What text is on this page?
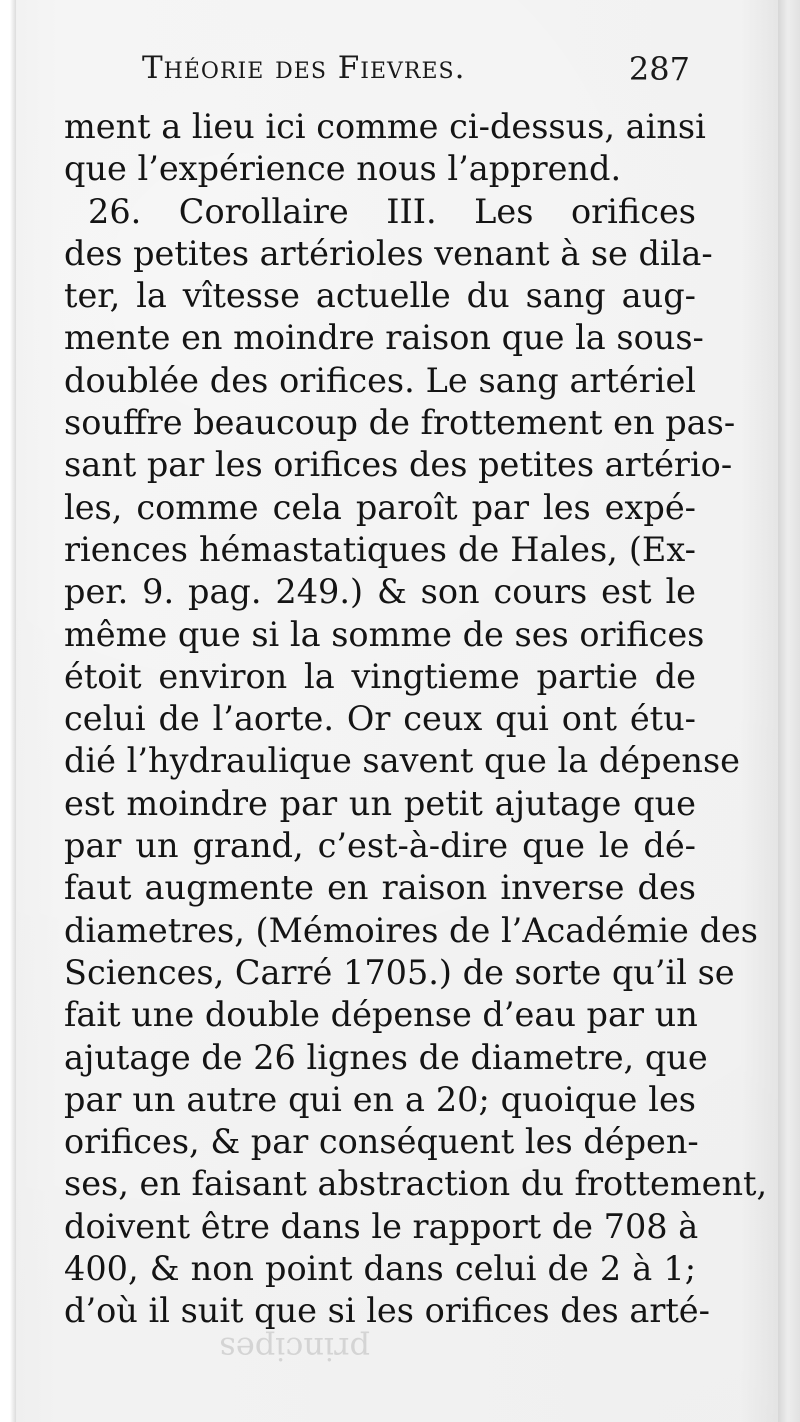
Théorie des Fievres.	287
ment a lieu ici comme ci-dessus, ainsi
que l’expérience nous l’apprend.
26. Corollaire III. Les orifices
des petites artérioles venant à se dila-
ter, la vîtesse actuelle du sang aug-
mente en moindre raison que la sous-
doublée des orifices. Le sang artériel
souffre beaucoup de frottement en pas-
sant par les orifices des petites artério-
les, comme cela paroît par les expé-
riences hémastatiques de Hales, (Ex-
per. 9. pag. 249.) & son cours est le
même que si la somme de ses orifices
étoit environ la vingtieme partie de
celui de l’aorte. Or ceux qui ont étu-
dié l’hydraulique savent que la dépense
est moindre par un petit ajutage que
par un grand, c’est-à-dire que le dé-
faut augmente en raison inverse des
diametres, (Mémoires de l’Académie des
Sciences, Carré 1705.) de sorte qu’il se
fait une double dépense d’eau par un
ajutage de 26 lignes de diametre, que
par un autre qui en a 20; quoique les
orifices, & par conséquent les dépen-
ses, en faisant abstraction du frottement,
doivent être dans le rapport de 708 à
400, & non point dans celui de 2 à 1;
d’où il suit que si les orifices des arté-
principes
